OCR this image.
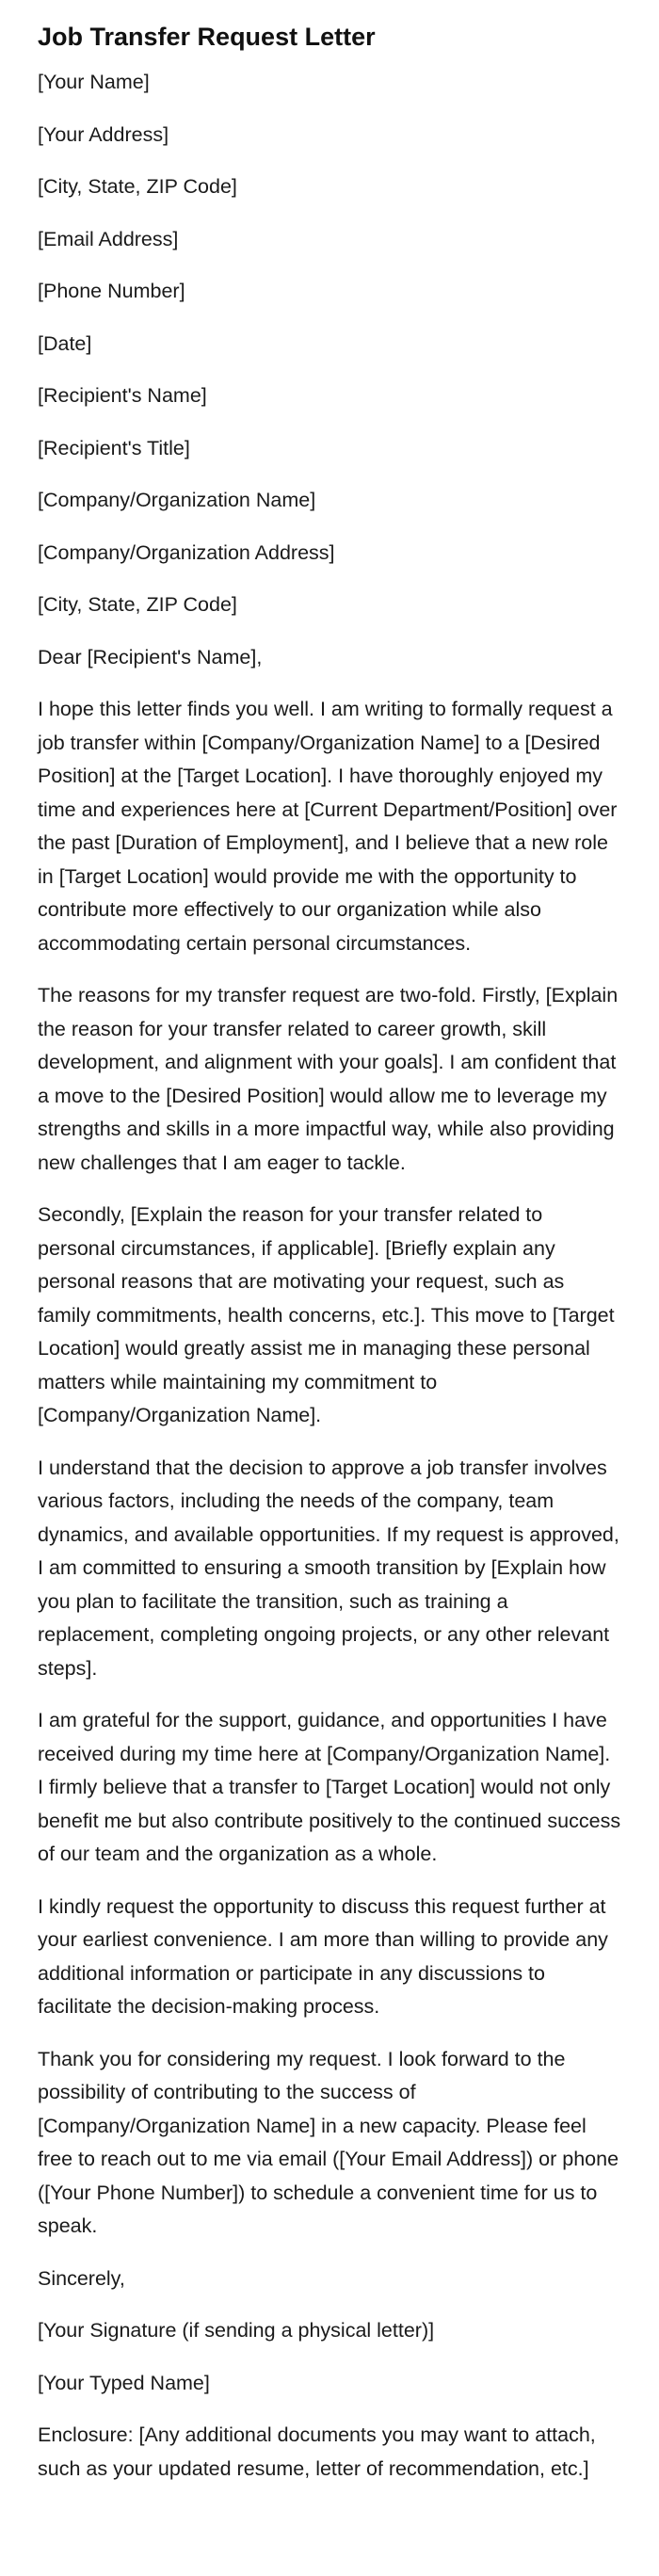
Job Transfer Request Letter
[Your Name]
[Your Address]
[City, State, ZIP Code]
[Email Address]
[Phone Number]
[Date]
[Recipient's Name]
[Recipient's Title]
[Company/Organization Name]
[Company/Organization Address]
[City, State, ZIP Code]
Dear [Recipient's Name],

I hope this letter finds you well. I am writing to formally request a job transfer within [Company/Organization Name] to a [Desired Position] at the [Target Location]. I have thoroughly enjoyed my time and experiences here at [Current Department/Position] over the past [Duration of Employment], and I believe that a new role in [Target Location] would provide me with the opportunity to contribute more effectively to our organization while also accommodating certain personal circumstances.

The reasons for my transfer request are two-fold. Firstly, [Explain the reason for your transfer related to career growth, skill development, and alignment with your goals]. I am confident that a move to the [Desired Position] would allow me to leverage my strengths and skills in a more impactful way, while also providing new challenges that I am eager to tackle.

Secondly, [Explain the reason for your transfer related to personal circumstances, if applicable]. [Briefly explain any personal reasons that are motivating your request, such as family commitments, health concerns, etc.]. This move to [Target Location] would greatly assist me in managing these personal matters while maintaining my commitment to [Company/Organization Name].

I understand that the decision to approve a job transfer involves various factors, including the needs of the company, team dynamics, and available opportunities. If my request is approved, I am committed to ensuring a smooth transition by [Explain how you plan to facilitate the transition, such as training a replacement, completing ongoing projects, or any other relevant steps].

I am grateful for the support, guidance, and opportunities I have received during my time here at [Company/Organization Name]. I firmly believe that a transfer to [Target Location] would not only benefit me but also contribute positively to the continued success of our team and the organization as a whole.

I kindly request the opportunity to discuss this request further at your earliest convenience. I am more than willing to provide any additional information or participate in any discussions to facilitate the decision-making process.

Thank you for considering my request. I look forward to the possibility of contributing to the success of [Company/Organization Name] in a new capacity. Please feel free to reach out to me via email ([Your Email Address]) or phone ([Your Phone Number]) to schedule a convenient time for us to speak.

Sincerely,
[Your Signature (if sending a physical letter)]
[Your Typed Name]

Enclosure: [Any additional documents you may want to attach, such as your updated resume, letter of recommendation, etc.]
